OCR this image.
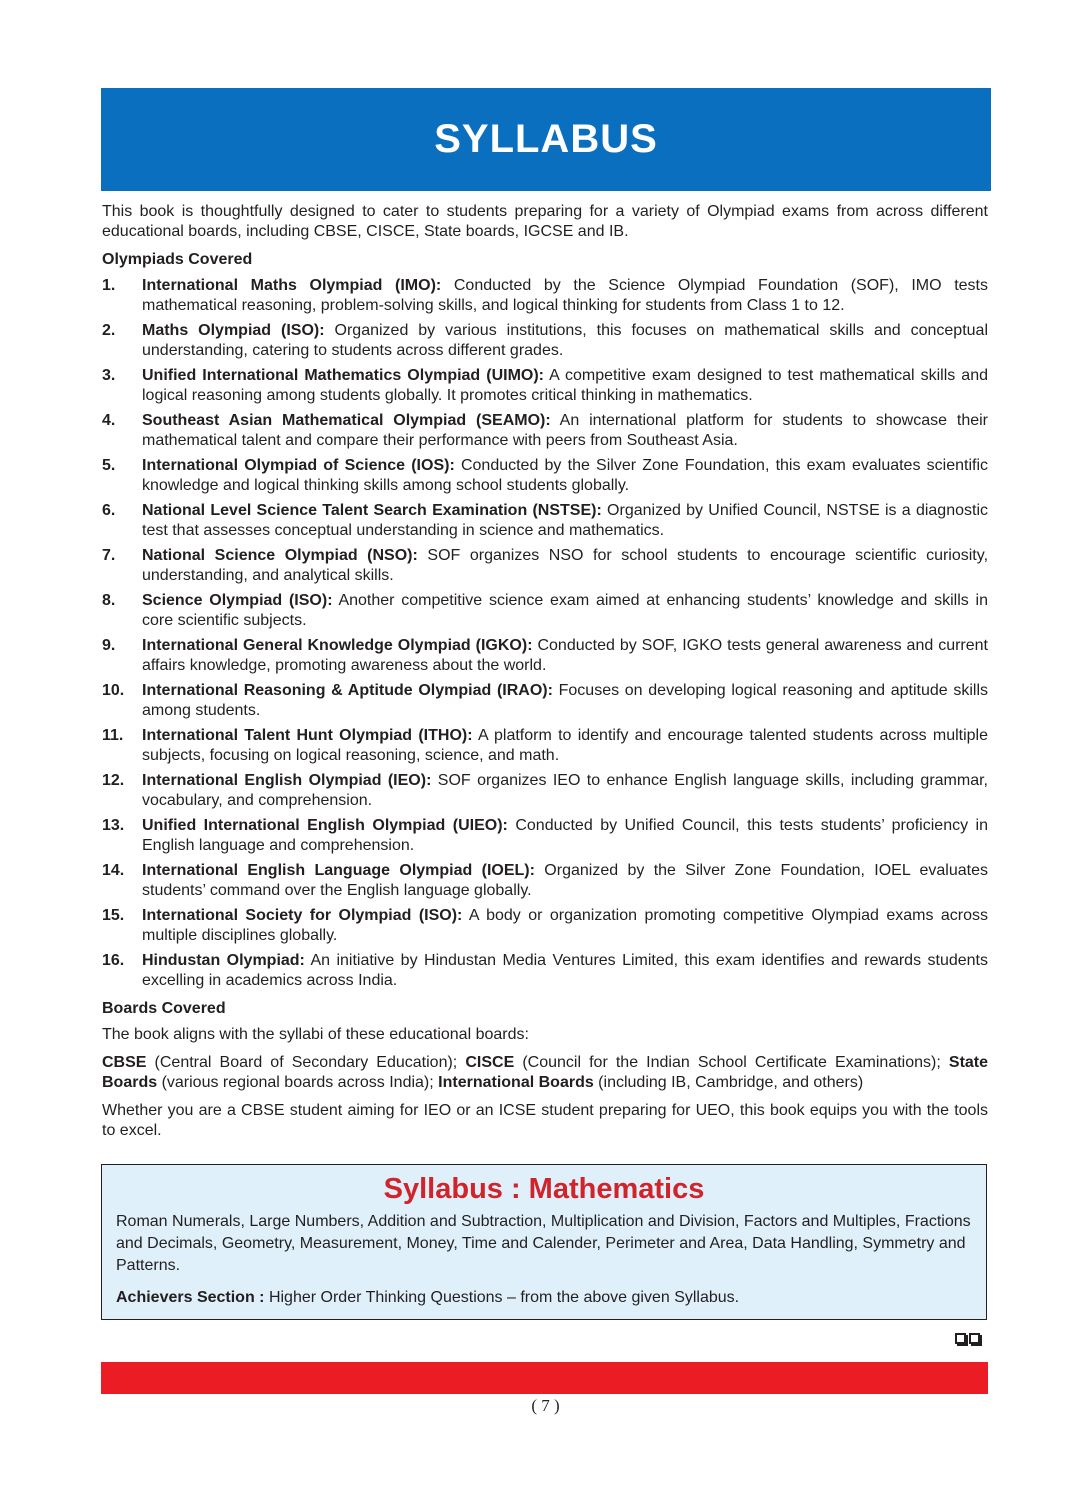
SYLLABUS

This book is thoughtfully designed to cater to students preparing for a variety of Olympiad exams from across different educational boards, including CBSE, CISCE, State boards, IGCSE and IB.

Olympiads Covered
1.	International Maths Olympiad (IMO): Conducted by the Science Olympiad Foundation (SOF), IMO tests mathematical reasoning, problem-solving skills, and logical thinking for students from Class 1 to 12.
2.	Maths Olympiad (ISO): Organized by various institutions, this focuses on mathematical skills and conceptual understanding, catering to students across different grades.
3.	Unified International Mathematics Olympiad (UIMO): A competitive exam designed to test mathematical skills and logical reasoning among students globally. It promotes critical thinking in mathematics.
4.	Southeast Asian Mathematical Olympiad (SEAMO): An international platform for students to showcase their mathematical talent and compare their performance with peers from Southeast Asia.
5.	International Olympiad of Science (IOS): Conducted by the Silver Zone Foundation, this exam evaluates scientific knowledge and logical thinking skills among school students globally.
6.	National Level Science Talent Search Examination (NSTSE): Organized by Unified Council, NSTSE is a diagnostic test that assesses conceptual understanding in science and mathematics.
7.	National Science Olympiad (NSO): SOF organizes NSO for school students to encourage scientific curiosity, understanding, and analytical skills.
8.	Science Olympiad (ISO): Another competitive science exam aimed at enhancing students’ knowledge and skills in core scientific subjects.
9.	International General Knowledge Olympiad (IGKO): Conducted by SOF, IGKO tests general awareness and current affairs knowledge, promoting awareness about the world.
10.	International Reasoning & Aptitude Olympiad (IRAO): Focuses on developing logical reasoning and aptitude skills among students.
11.	International Talent Hunt Olympiad (ITHO): A platform to identify and encourage talented students across multiple subjects, focusing on logical reasoning, science, and math.
12.	International English Olympiad (IEO): SOF organizes IEO to enhance English language skills, including grammar, vocabulary, and comprehension.
13.	Unified International English Olympiad (UIEO): Conducted by Unified Council, this tests students’ proficiency in English language and comprehension.
14.	International English Language Olympiad (IOEL): Organized by the Silver Zone Foundation, IOEL evaluates students’ command over the English language globally.
15.	International Society for Olympiad (ISO): A body or organization promoting competitive Olympiad exams across multiple disciplines globally.
16.	Hindustan Olympiad: An initiative by Hindustan Media Ventures Limited, this exam identifies and rewards students excelling in academics across India.
Boards Covered

The book aligns with the syllabi of these educational boards:

CBSE (Central Board of Secondary Education); CISCE (Council for the Indian School Certificate Examinations); State Boards (various regional boards across India); International Boards (including IB, Cambridge, and others)

Whether you are a CBSE student aiming for IEO or an ICSE student preparing for UEO, this book equips you with the tools to excel.

Syllabus : Mathematics

Roman Numerals, Large Numbers, Addition and Subtraction, Multiplication and Division, Factors and Multiples, Fractions and Decimals, Geometry, Measurement, Money, Time and Calender, Perimeter and Area, Data Handling, Symmetry and Patterns.

Achievers Section : Higher Order Thinking Questions – from the above given Syllabus.

( 7 )
